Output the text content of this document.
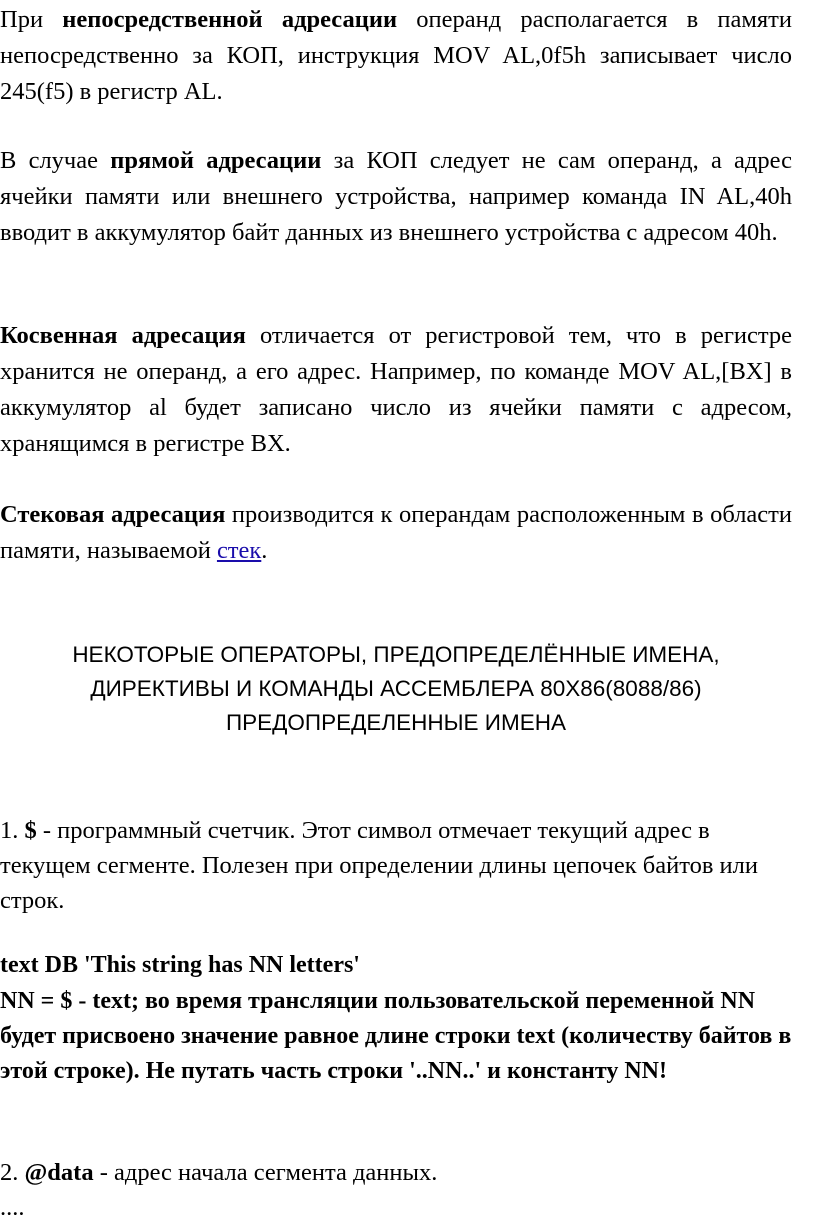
При непосредственной адресации операнд располагается в памяти непосредственно за КОП, инструкция MOV AL,0f5h записывает число 245(f5) в регистр AL.

В случае прямой адресации за КОП следует не сам операнд, а адрес ячейки памяти или внешнего устройства, например команда IN AL,40h вводит в аккумулятор байт данных из внешнего устройства с адресом 40h.

Косвенная адресация отличается от регистровой тем, что в регистре хранится не операнд, а его адрес. Например, по команде MOV AL,[BX] в аккумулятор al будет записано число из ячейки памяти с адресом, хранящимся в регистре BX.

Стековая адресация производится к операндам расположенным в области памяти, называемой стек.

НЕКОТОРЫЕ ОПЕРАТОРЫ, ПРЕДОПРЕДЕЛЁННЫЕ ИМЕНА,
ДИРЕКТИВЫ И КОМАНДЫ АССЕМБЛЕРА 80Х86(8088/86)
ПРЕДОПРЕДЕЛЕННЫЕ ИМЕНА

1. $ - программный счетчик. Этот символ отмечает текущий адрес в текущем сегменте. Полезен при определении длины цепочек байтов или строк.

text DB 'This string has NN letters'

NN = $ - text; во время трансляции пользовательской переменной NN будет присвоено значение равное длине строки text (количеству байтов в этой строке). Не путать часть строки '..NN..' и константу NN!

2. @data - адрес начала сегмента данных.

....
